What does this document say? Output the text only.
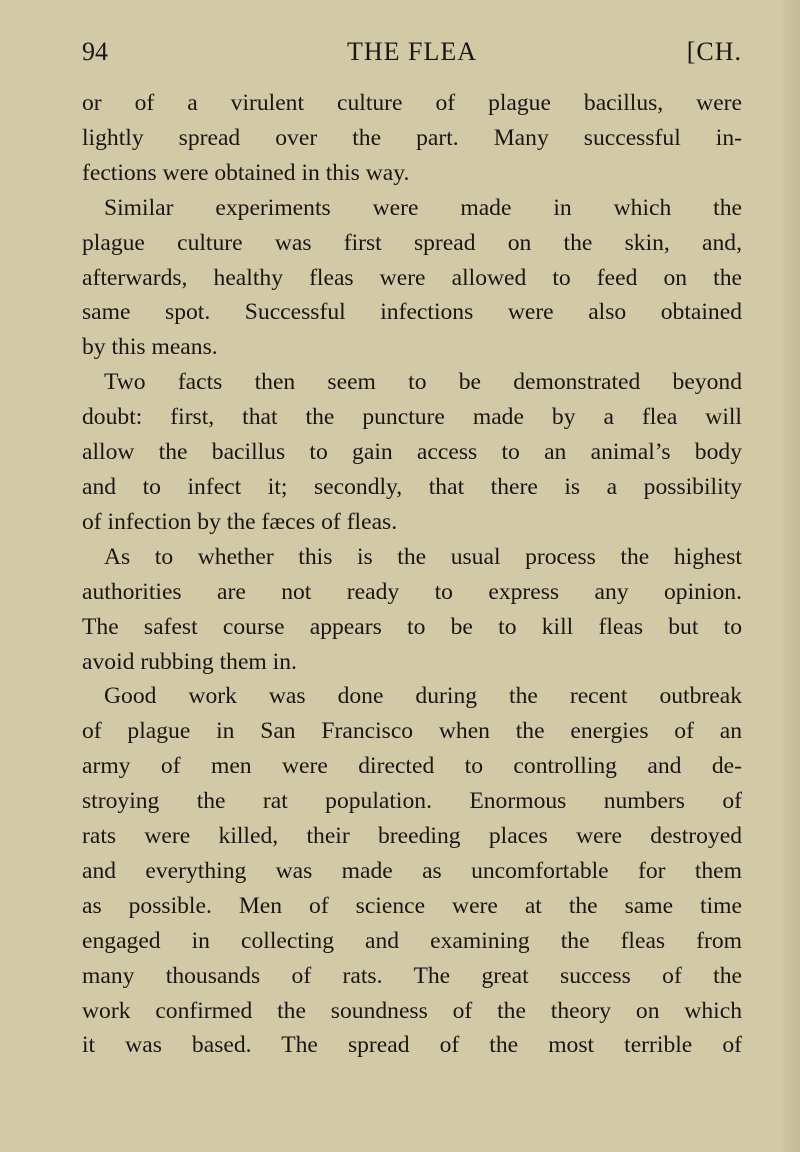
94	THE FLEA	[CH.
or of a virulent culture of plague bacillus, were
lightly spread over the part. Many successful in-
fections were obtained in this way.
Similar experiments were made in which the
plague culture was first spread on the skin, and,
afterwards, healthy fleas were allowed to feed on the
same spot. Successful infections were also obtained
by this means.
Two facts then seem to be demonstrated beyond
doubt: first, that the puncture made by a flea will
allow the bacillus to gain access to an animal’s body
and to infect it; secondly, that there is a possibility
of infection by the fæces of fleas.
As to whether this is the usual process the highest
authorities are not ready to express any opinion.
The safest course appears to be to kill fleas but to
avoid rubbing them in.
Good work was done during the recent outbreak
of plague in San Francisco when the energies of an
army of men were directed to controlling and de-
stroying the rat population. Enormous numbers of
rats were killed, their breeding places were destroyed
and everything was made as uncomfortable for them
as possible. Men of science were at the same time
engaged in collecting and examining the fleas from
many thousands of rats. The great success of the
work confirmed the soundness of the theory on which
it was based. The spread of the most terrible of
